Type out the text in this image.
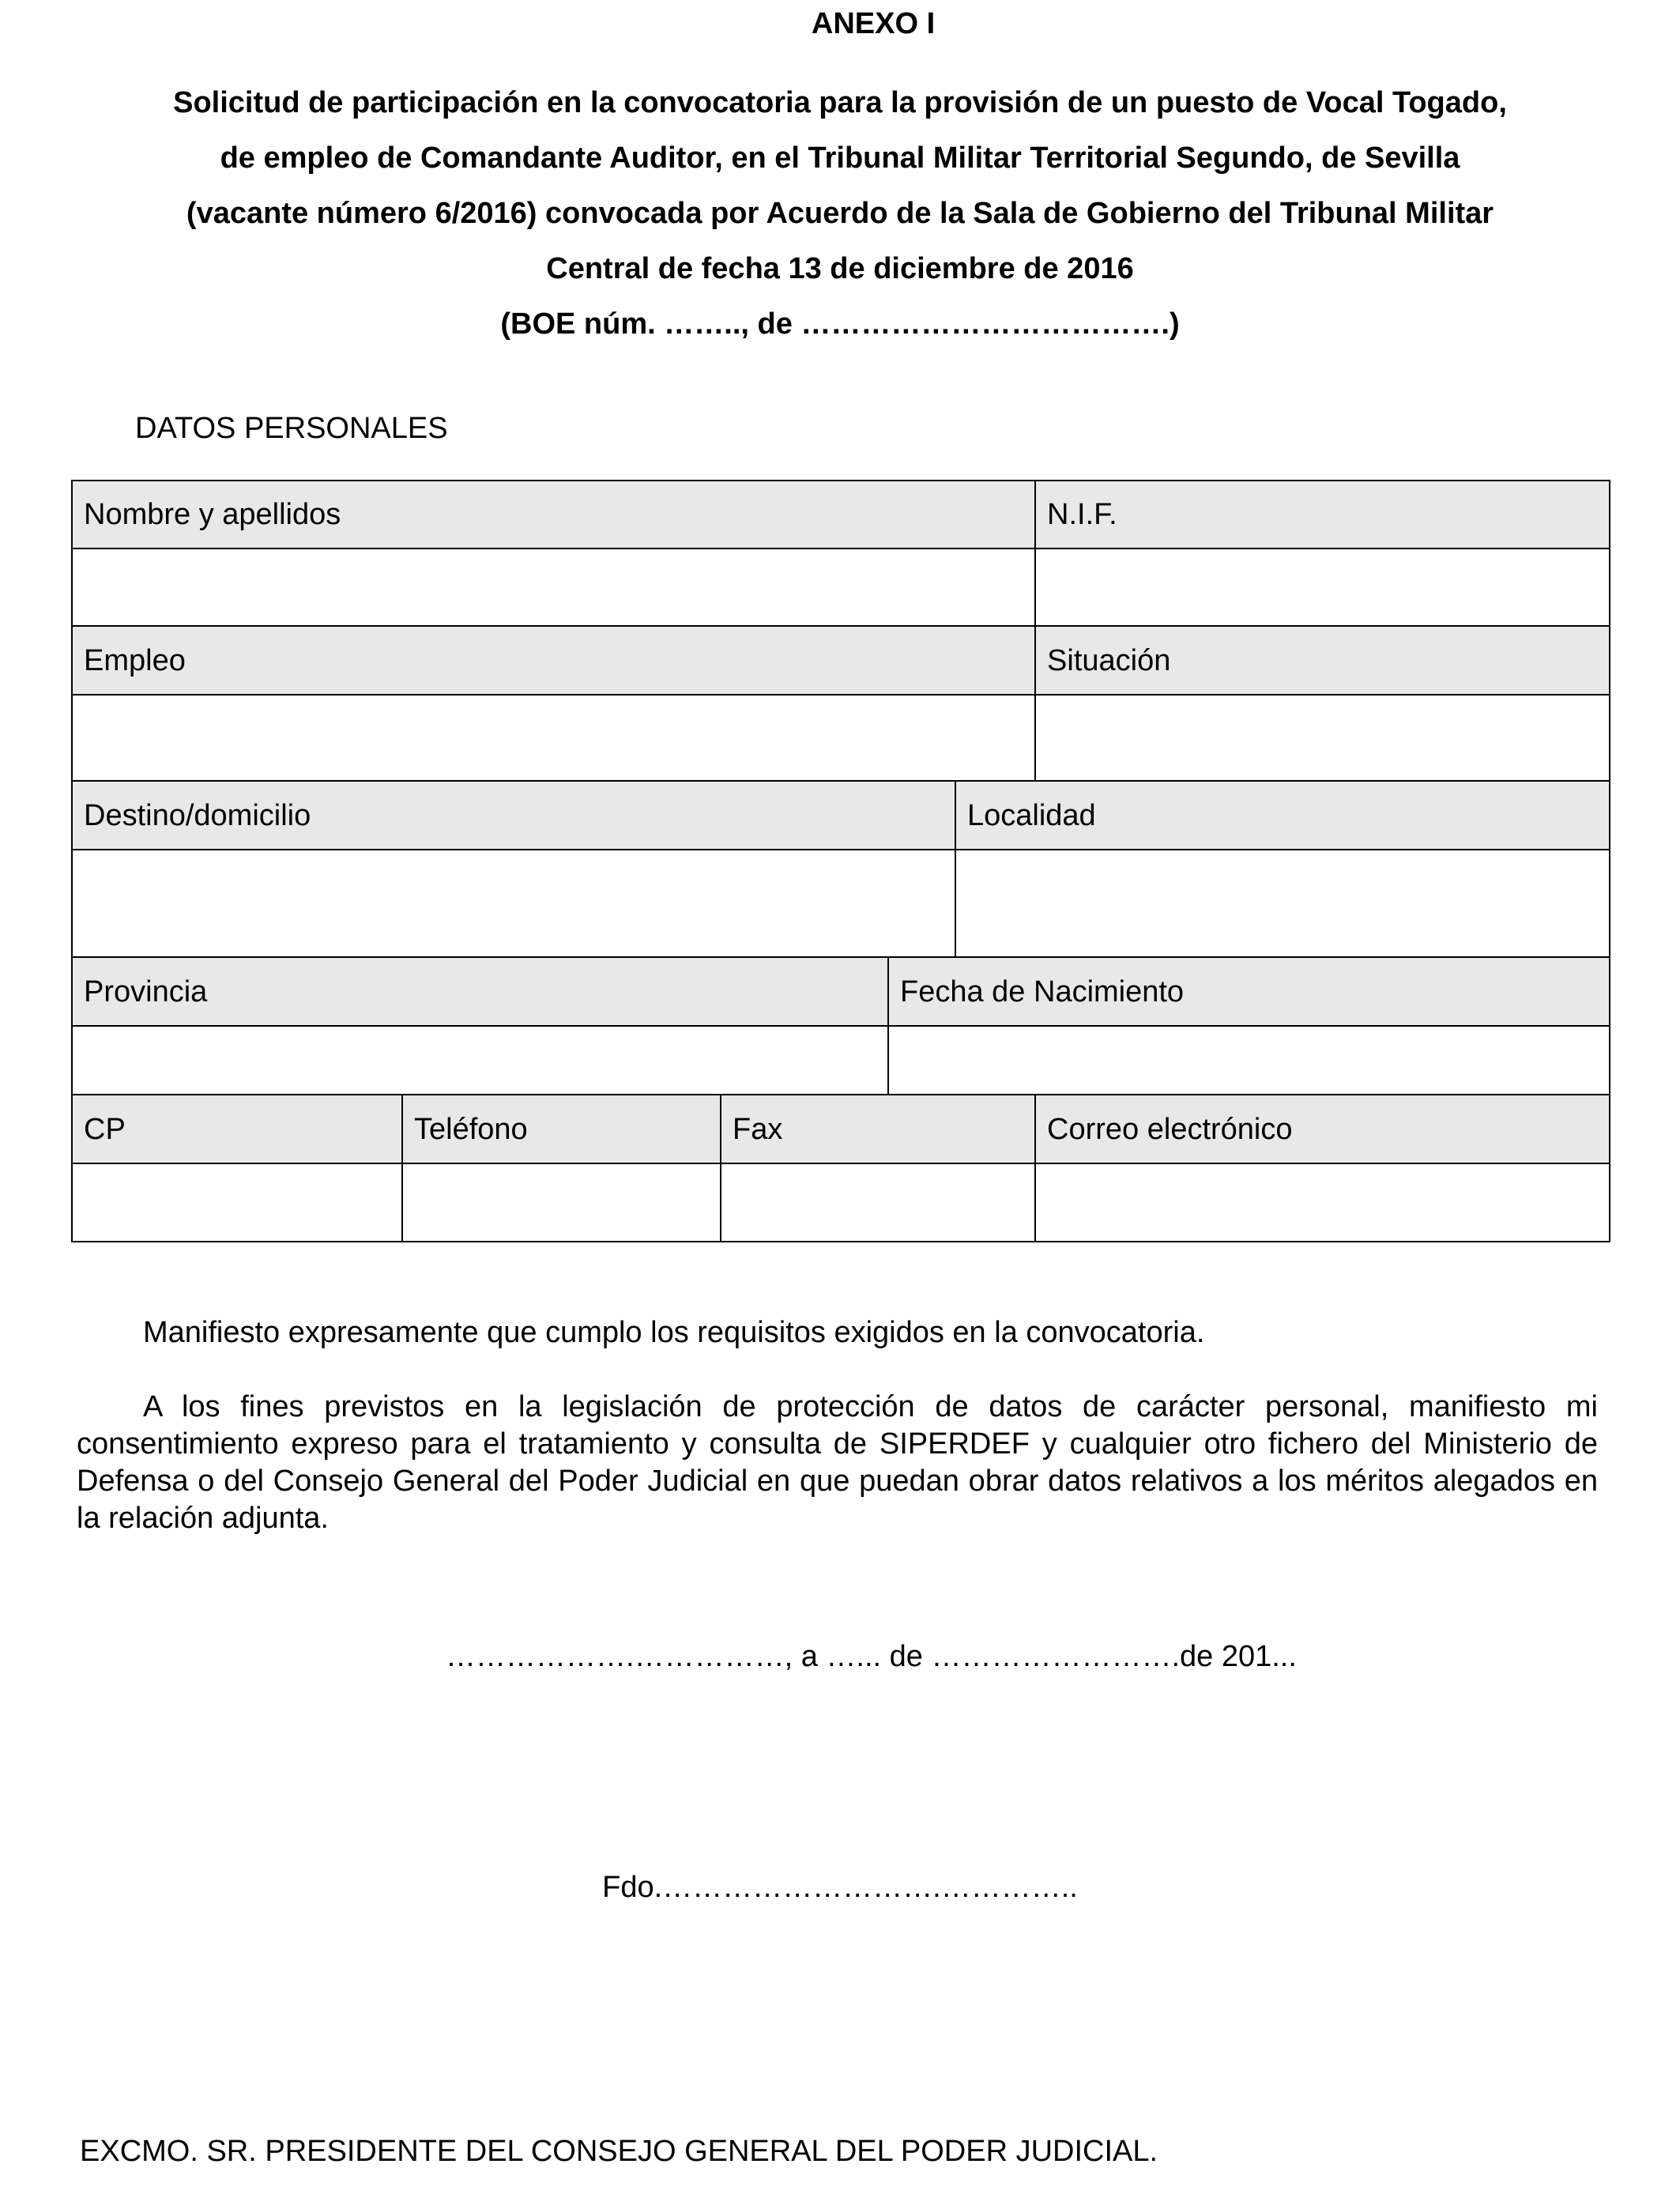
ANEXO I
Solicitud de participación en la convocatoria para la provisión de un puesto de Vocal Togado,
de empleo de Comandante Auditor, en el Tribunal Militar Territorial Segundo, de Sevilla
(vacante número 6/2016) convocada por Acuerdo de la Sala de Gobierno del Tribunal Militar
Central de fecha 13 de diciembre de 2016
(BOE núm. …….., de ……………………………….)
DATOS PERSONALES
Nombre y apellidos					N.I.F.

Empleo					Situación

Destino/domicilio				Localidad	

Provincia			Fecha de Nacimiento		

CP	Teléfono	Fax			Correo electrónico

Manifiesto expresamente que cumplo los requisitos exigidos en la convocatoria.
A los fines previstos en la legislación de protección de datos de carácter personal, manifiesto mi consentimiento expreso para el tratamiento y consulta de SIPERDEF y cualquier otro fichero del Ministerio de Defensa o del Consejo General del Poder Judicial en que puedan obrar datos relativos a los méritos alegados en la relación adjunta.
……………….……………, a …... de …………………….de 201...
Fdo.……………………….…………..
EXCMO. SR. PRESIDENTE DEL CONSEJO GENERAL DEL PODER JUDICIAL.
